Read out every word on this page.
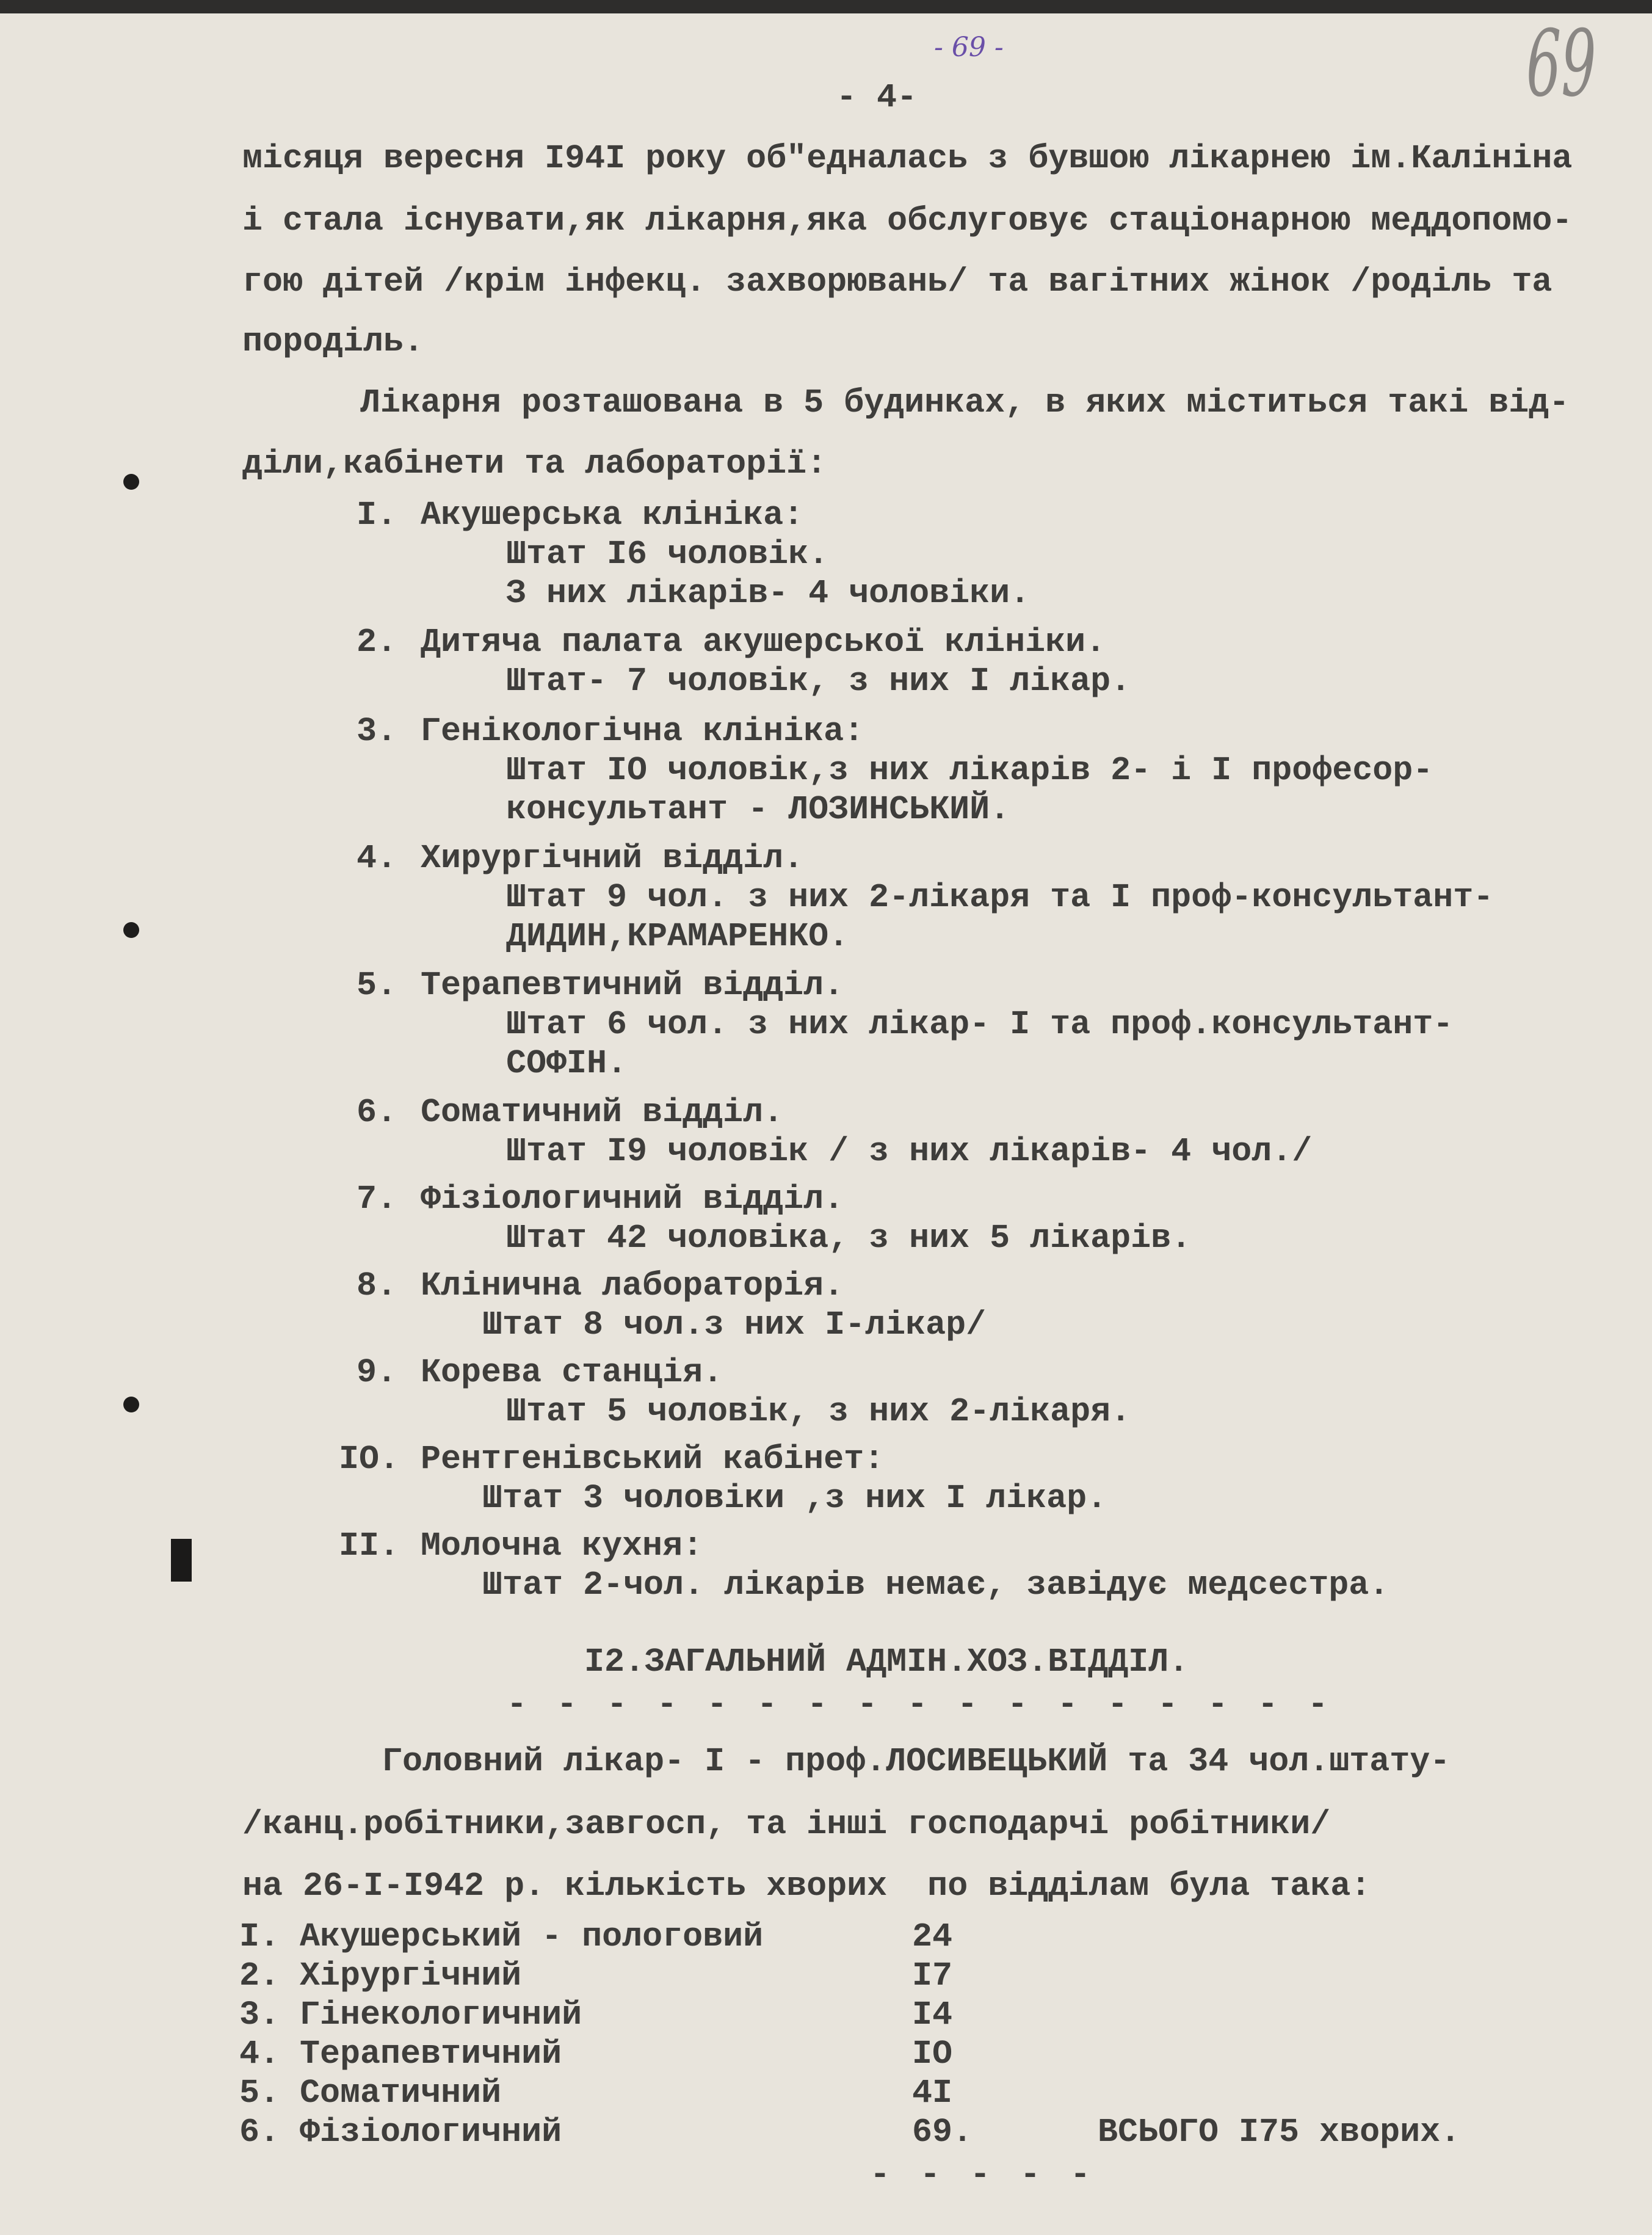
- 69 -	69
- 4-
місяця вересня I94I року об"едналась з бувшою лікарнею ім.Калініна
і стала існувати,як лікарня,яка обслуговує стаціонарною меддопомо-
гою дітей /крім інфекц. захворювань/ та вагітних жінок /роділь та
породіль.
Лікарня розташована в 5 будинках, в яких міститься такі від-
діли,кабінети та лабораторії:
I. Акушерська клініка:
Штат I6 чоловік.
З них лікарів- 4 чоловіки.
2. Дитяча палата акушерської клініки.
Штат- 7 чоловік, з них I лікар.
3. Генікологічна клініка:
Штат IO чоловік,з них лікарів 2- і I професор-
консультант - ЛОЗИНСЬКИЙ.
4. Хирургічний відділ.
Штат 9 чол. з них 2-лікаря та I проф-консультант-
ДИДИН,КРАМАРЕНКО.
5. Терапевтичний відділ.
Штат 6 чол. з них лікар- I та проф.консультант-
СОФІН.
6. Соматичний відділ.
Штат I9 чоловік / з них лікарів- 4 чол./
7. Фізіологичний відділ.
Штат 42 чоловіка, з них 5 лікарів.
8. Клінична лабораторія.
Штат 8 чол.з них I-лікар/
9. Корева станція.
Штат 5 чоловік, з них 2-лікаря.
IO. Рентгенівський кабінет:
Штат 3 чоловіки ,з них I лікар.
II. Молочна кухня:
Штат 2-чол. лікарів немає, завідує медсестра.
I2.ЗАГАЛЬНИЙ АДМІН.ХОЗ.ВІДДІЛ.
- - - - - - - - - - - - - - - - -
Головний лікар- I - проф.ЛОСИВЕЦЬКИЙ та 34 чол.штату-
/канц.робітники,завгосп, та інші господарчі робітники/
на 26-I-I942 р. кількість хворих  по відділам була така:
I. Акушерський - пологовий	24
2. Хірургічний	I7
3. Гінекологичний	I4
4. Терапевтичний	IO
5. Соматичний	4I
6. Фізіологичний	69.	ВСЬОГО I75 хворих.
- - - - -
